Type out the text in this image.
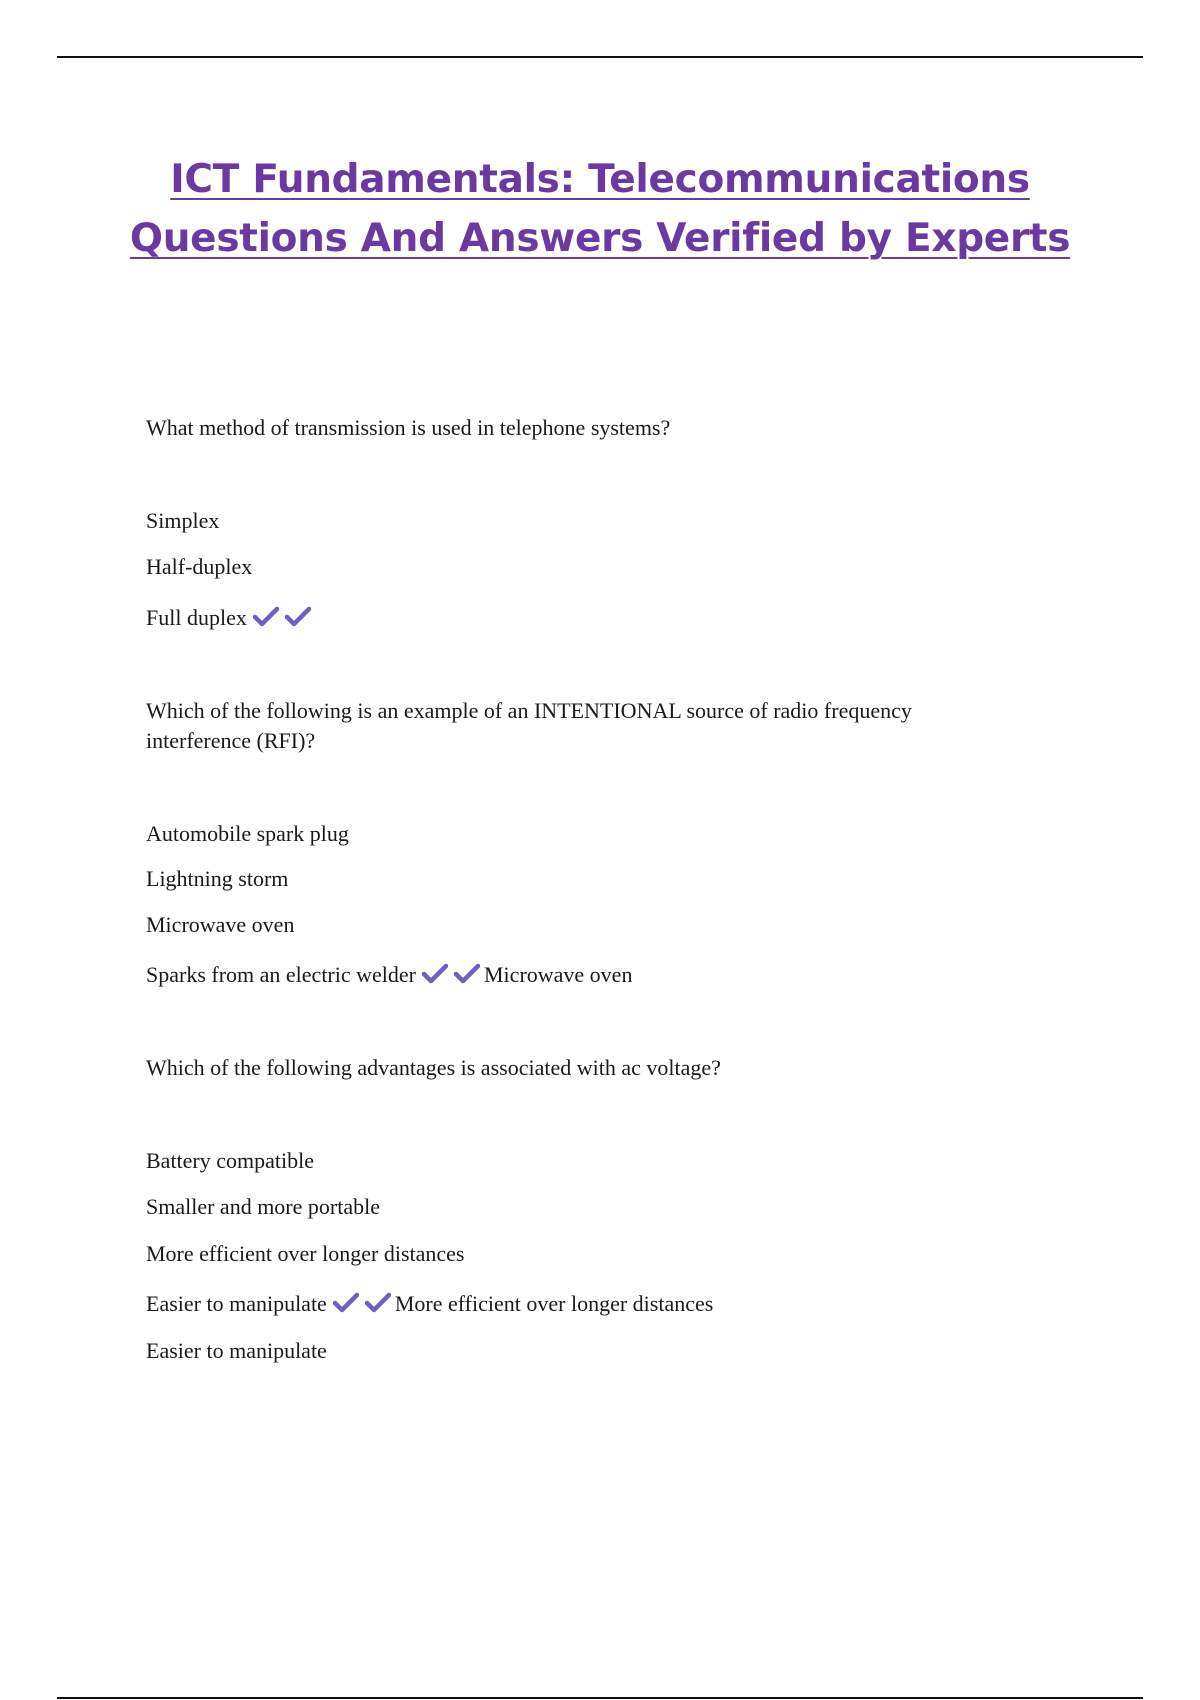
ICT Fundamentals: Telecommunications
Questions And Answers Verified by Experts
What method of transmission is used in telephone systems?
Simplex
Half-duplex
Full duplex
Which of the following is an example of an INTENTIONAL source of radio frequency
interference (RFI)?
Automobile spark plug
Lightning storm
Microwave oven
Sparks from an electric welder	Microwave oven
Which of the following advantages is associated with ac voltage?
Battery compatible
Smaller and more portable
More efficient over longer distances
Easier to manipulate	More efficient over longer distances
Easier to manipulate
